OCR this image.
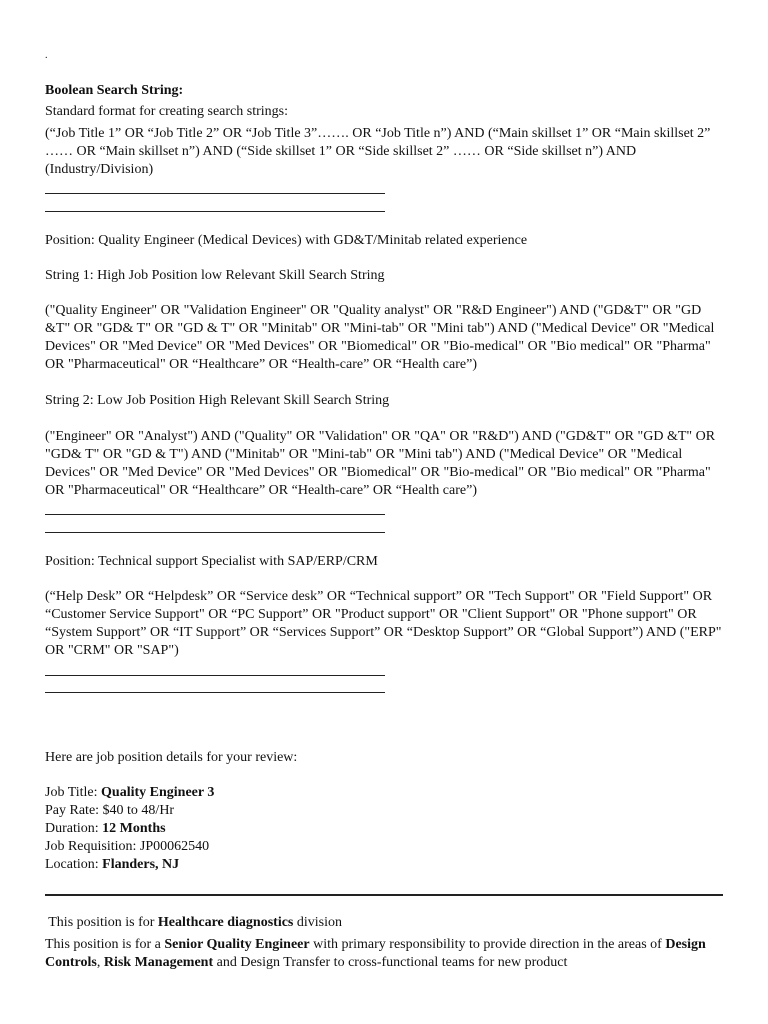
.
Boolean Search String:
Standard format for creating search strings:
(“Job Title 1” OR “Job Title 2” OR “Job Title 3”……. OR “Job Title n”) AND (“Main skillset 1” OR “Main skillset 2” …… OR “Main skillset n”) AND (“Side skillset 1” OR “Side skillset 2” …… OR “Side skillset n”) AND (Industry/Division)
Position: Quality Engineer (Medical Devices) with GD&T/Minitab related experience
String 1: High Job Position low Relevant Skill Search String
("Quality Engineer" OR "Validation Engineer" OR "Quality analyst" OR "R&D Engineer") AND ("GD&T" OR "GD &T" OR "GD& T" OR "GD & T" OR "Minitab" OR "Mini-tab" OR "Mini tab") AND ("Medical Device" OR "Medical Devices" OR "Med Device" OR "Med Devices" OR "Biomedical" OR "Bio-medical" OR "Bio medical" OR "Pharma" OR "Pharmaceutical" OR “Healthcare” OR “Health-care” OR “Health care”)
String 2: Low Job Position High Relevant Skill Search String
("Engineer" OR "Analyst") AND ("Quality" OR "Validation" OR "QA" OR "R&D") AND ("GD&T" OR "GD &T" OR "GD& T" OR "GD & T") AND ("Minitab" OR "Mini-tab" OR "Mini tab") AND ("Medical Device" OR "Medical Devices" OR "Med Device" OR "Med Devices" OR "Biomedical" OR "Bio-medical" OR "Bio medical" OR "Pharma" OR "Pharmaceutical" OR “Healthcare” OR “Health-care” OR “Health care”)
Position: Technical support Specialist with SAP/ERP/CRM
(“Help Desk” OR “Helpdesk” OR “Service desk” OR “Technical support” OR "Tech Support" OR "Field Support" OR “Customer Service Support" OR “PC Support” OR "Product support" OR "Client Support" OR "Phone support" OR “System Support” OR “IT Support” OR “Services Support” OR “Desktop Support” OR “Global Support”) AND ("ERP" OR "CRM" OR "SAP")
Here are job position details for your review:
Job Title: Quality Engineer 3
Pay Rate: $40 to 48/Hr
Duration: 12 Months
Job Requisition: JP00062540
Location: Flanders, NJ
This position is for Healthcare diagnostics division
This position is for a Senior Quality Engineer with primary responsibility to provide direction in the areas of Design Controls, Risk Management and Design Transfer to cross-functional teams for new product
